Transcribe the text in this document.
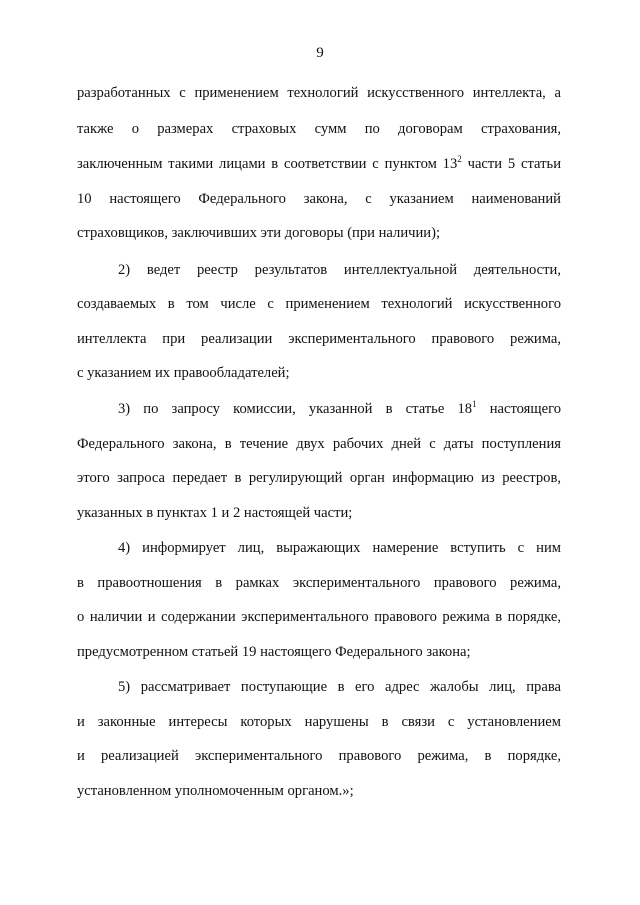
9
разработанных с применением технологий искусственного интеллекта, а
также о размерах страховых сумм по договорам страхования,
заключенным такими лицами в соответствии с пунктом $13^2$ части 5 статьи
10 настоящего Федерального закона, с указанием наименований
страховщиков, заключивших эти договоры (при наличии);
2) ведет реестр результатов интеллектуальной деятельности,
создаваемых в том числе с применением технологий искусственного
интеллекта при реализации экспериментального правового режима,
с указанием их правообладателей;
3) по запросу комиссии, указанной в статье $18^1$ настоящего
Федерального закона, в течение двух рабочих дней с даты поступления
этого запроса передает в регулирующий орган информацию из реестров,
указанных в пунктах 1 и 2 настоящей части;
4) информирует лиц, выражающих намерение вступить с ним
в правоотношения в рамках экспериментального правового режима,
о наличии и содержании экспериментального правового режима в порядке,
предусмотренном статьей 19 настоящего Федерального закона;
5) рассматривает поступающие в его адрес жалобы лиц, права
и законные интересы которых нарушены в связи с установлением
и реализацией экспериментального правового режима, в порядке,
установленном уполномоченным органом.»;
